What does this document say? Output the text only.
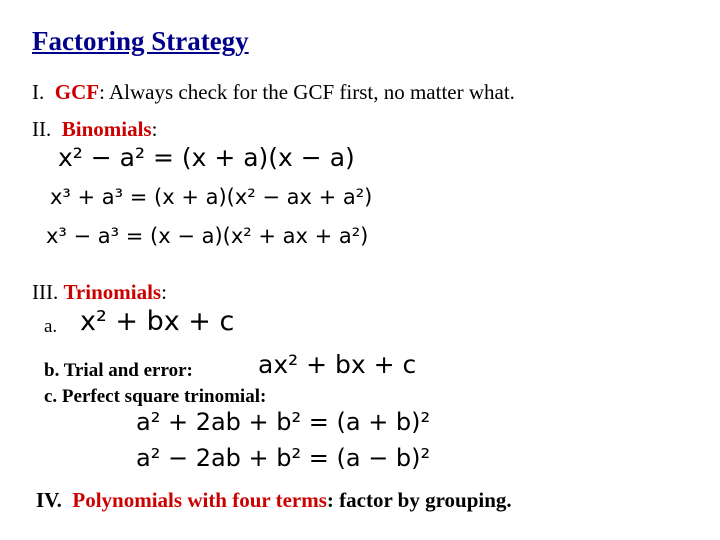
Factoring Strategy
I. GCF: Always check for the GCF first, no matter what.
II. Binomials:
x² − a² = (x + a)(x − a)
x³ + a³ = (x + a)(x² − ax + a²)
x³ − a³ = (x − a)(x² + ax + a²)
III. Trinomials:
a. x² + bx + c
b. Trial and error:	ax² + bx + c
c. Perfect square trinomial:
a² + 2ab + b² = (a + b)²
a² − 2ab + b² = (a − b)²
IV. Polynomials with four terms: factor by grouping.
